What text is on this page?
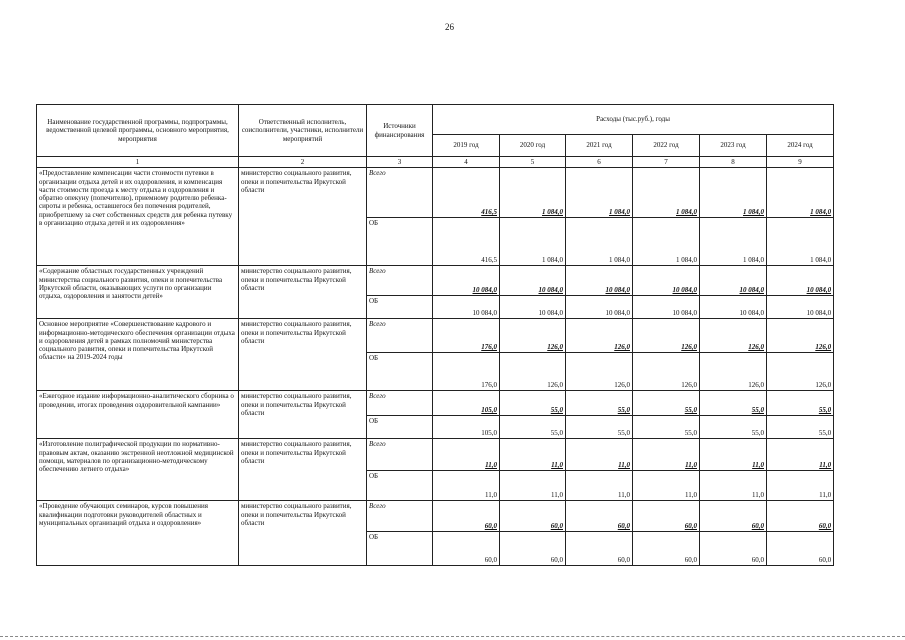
26
Наименование государственной программы, подпрограммы, ведомственной целевой программы, основного мероприятия, мероприятия	Ответственный исполнитель, соисполнители, участники, исполнители мероприятий	Источники финансирования	Расходы (тыс.руб.), годы					
			2019 год	2020 год	2021 год	2022 год	2023 год	2024 год
1	2	3	4	5	6	7	8	9
«Предоставление компенсации части стоимости путевки в организации отдыха детей и их оздоровления, и компенсация части стоимости проезда к месту отдыха и оздоровления и обратно опекуну (попечителю), приемному родителю ребенка-сироты и ребенка, оставшегося без попечения родителей, приобретшему за счет собственных средств для ребенка путевку в организацию отдыха детей и их оздоровления»	министерство социального развития, опеки и попечительства Иркутской области	Всего	416,5	1 084,0	1 084,0	1 084,0	1 084,0	1 084,0
		ОБ	416,5	1 084,0	1 084,0	1 084,0	1 084,0	1 084,0
«Содержание областных государственных учреждений министерства социального развития, опеки и попечительства Иркутской области, оказывающих услуги по организации отдыха, оздоровления и занятости детей»	министерство социального развития, опеки и попечительства Иркутской области	Всего	10 084,0	10 084,0	10 084,0	10 084,0	10 084,0	10 084,0
		ОБ	10 084,0	10 084,0	10 084,0	10 084,0	10 084,0	10 084,0
Основное мероприятие «Совершенствование кадрового и информационно-методического обеспечения организации отдыха и оздоровления детей в рамках полномочий министерства социального развития, опеки и попечительства Иркутской области» на 2019-2024 годы	министерство социального развития, опеки и попечительства Иркутской области	Всего	176,0	126,0	126,0	126,0	126,0	126,0
		ОБ	176,0	126,0	126,0	126,0	126,0	126,0
«Ежегодное издание информационно-аналитического сборника о проведении, итогах проведения оздоровительной кампании»	министерство социального развития, опеки и попечительства Иркутской области	Всего	105,0	55,0	55,0	55,0	55,0	55,0
		ОБ	105,0	55,0	55,0	55,0	55,0	55,0
«Изготовление полиграфической продукции по нормативно-правовым актам, оказанию экстренной неотложной медицинской помощи, материалов по организационно-методическому обеспечению летнего отдыха»	министерство социального развития, опеки и попечительства Иркутской области	Всего	11,0	11,0	11,0	11,0	11,0	11,0
		ОБ	11,0	11,0	11,0	11,0	11,0	11,0
«Проведение обучающих семинаров, курсов повышения квалификации подготовки руководителей областных и муниципальных организаций отдыха и оздоровления»	министерство социального развития, опеки и попечительства Иркутской области	Всего	60,0	60,0	60,0	60,0	60,0	60,0
		ОБ	60,0	60,0	60,0	60,0	60,0	60,0
